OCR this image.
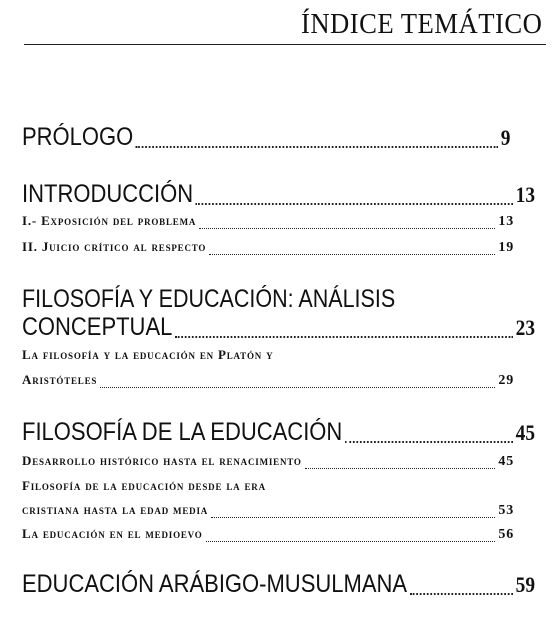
ÍNDICE TEMÁTICO
PRÓLOGO	9
INTRODUCCIÓN	13
I.- Exposición del problema	13
II. Juicio crítico al respecto	19
FILOSOFÍA Y EDUCACIÓN: ANÁLISIS
CONCEPTUAL	23
La filosofía y la educación en Platón y
Aristóteles	29
FILOSOFÍA DE LA EDUCACIÓN	45
Desarrollo histórico hasta el renacimiento	45
Filosofía de la educación desde la era
cristiana hasta la edad media	53
La educación en el medioevo	56
EDUCACIÓN ARÁBIGO-MUSULMANA	59
